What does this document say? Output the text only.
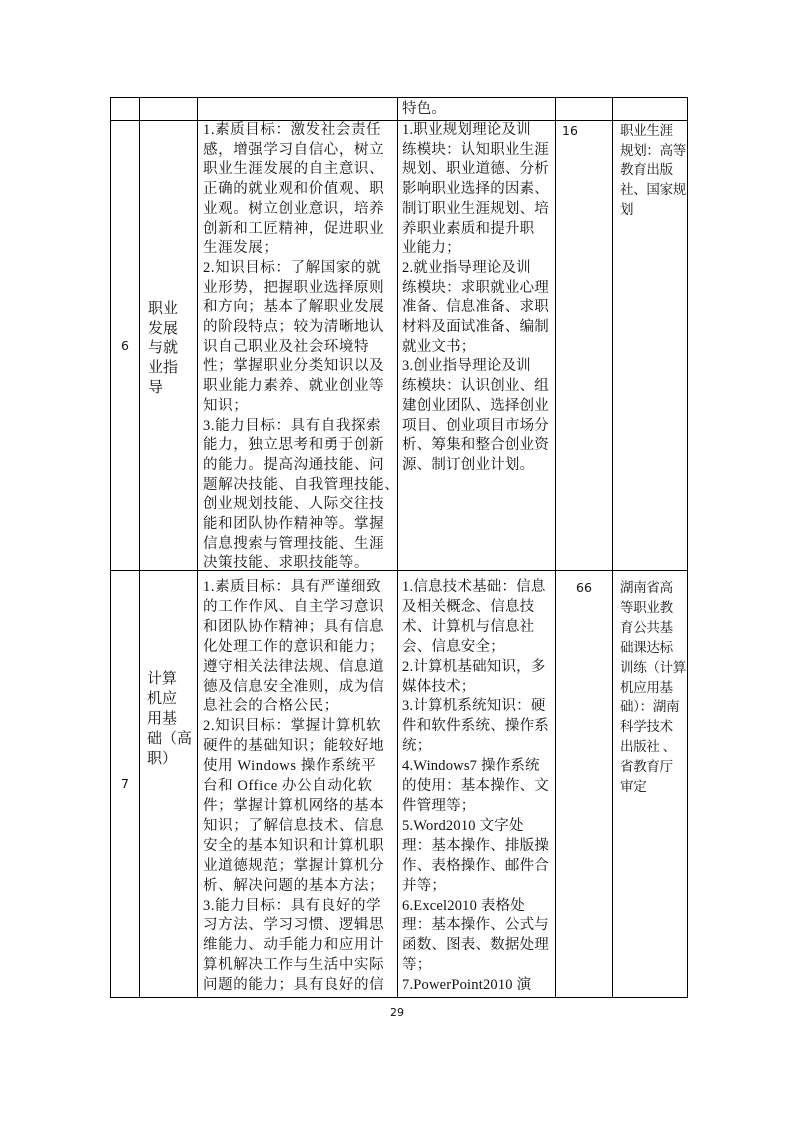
特色。
6
职业
发展
与就
业指
导
1.素质目标：激发社会责任
感，增强学习自信心，树立
职业生涯发展的自主意识、
正确的就业观和价值观、职
业观。树立创业意识，培养
创新和工匠精神，促进职业
生涯发展；
2.知识目标：了解国家的就
业形势，把握职业选择原则
和方向；基本了解职业发展
的阶段特点；较为清晰地认
识自己职业及社会环境特
性；掌握职业分类知识以及
职业能力素养、就业创业等
知识；
3.能力目标：具有自我探索
能力，独立思考和勇于创新
的能力。提高沟通技能、问
题解决技能、自我管理技能、
创业规划技能、人际交往技
能和团队协作精神等。掌握
信息搜索与管理技能、生涯
决策技能、求职技能等。
1.职业规划理论及训
练模块：认知职业生涯
规划、职业道德、分析
影响职业选择的因素、
制订职业生涯规划、培
养职业素质和提升职
业能力；
2.就业指导理论及训
练模块：求职就业心理
准备、信息准备、求职
材料及面试准备、编制
就业文书；
3.创业指导理论及训
练模块：认识创业、组
建创业团队、选择创业
项目、创业项目市场分
析、筹集和整合创业资
源、制订创业计划。
16	职业生涯
规划：高等
教育出版
社、国家规
划
7
计算
机应
用基
础（高
职）
1.素质目标：具有严谨细致
的工作作风、自主学习意识
和团队协作精神；具有信息
化处理工作的意识和能力；
遵守相关法律法规、信息道
德及信息安全准则，成为信
息社会的合格公民；
2.知识目标：掌握计算机软
硬件的基础知识；能较好地
使用 Windows 操作系统平
台和 Office 办公自动化软
件；掌握计算机网络的基本
知识；了解信息技术、信息
安全的基本知识和计算机职
业道德规范；掌握计算机分
析、解决问题的基本方法；
3.能力目标：具有良好的学
习方法、学习习惯、逻辑思
维能力、动手能力和应用计
算机解决工作与生活中实际
问题的能力；具有良好的信
1.信息技术基础：信息
及相关概念、信息技
术、计算机与信息社
会、信息安全；
2.计算机基础知识，多
媒体技术；
3.计算机系统知识：硬
件和软件系统、操作系
统；
4.Windows7 操作系统
的使用：基本操作、文
件管理等；
5.Word2010 文字处
理：基本操作、排版操
作、表格操作、邮件合
并等；
6.Excel2010 表格处
理：基本操作、公式与
函数、图表、数据处理
等；
7.PowerPoint2010 演
66	湖南省高
等职业教
育公共基
础课达标
训练（计算
机应用基
础）：湖南
科学技术
出版社 、
省教育厅
审定
29
